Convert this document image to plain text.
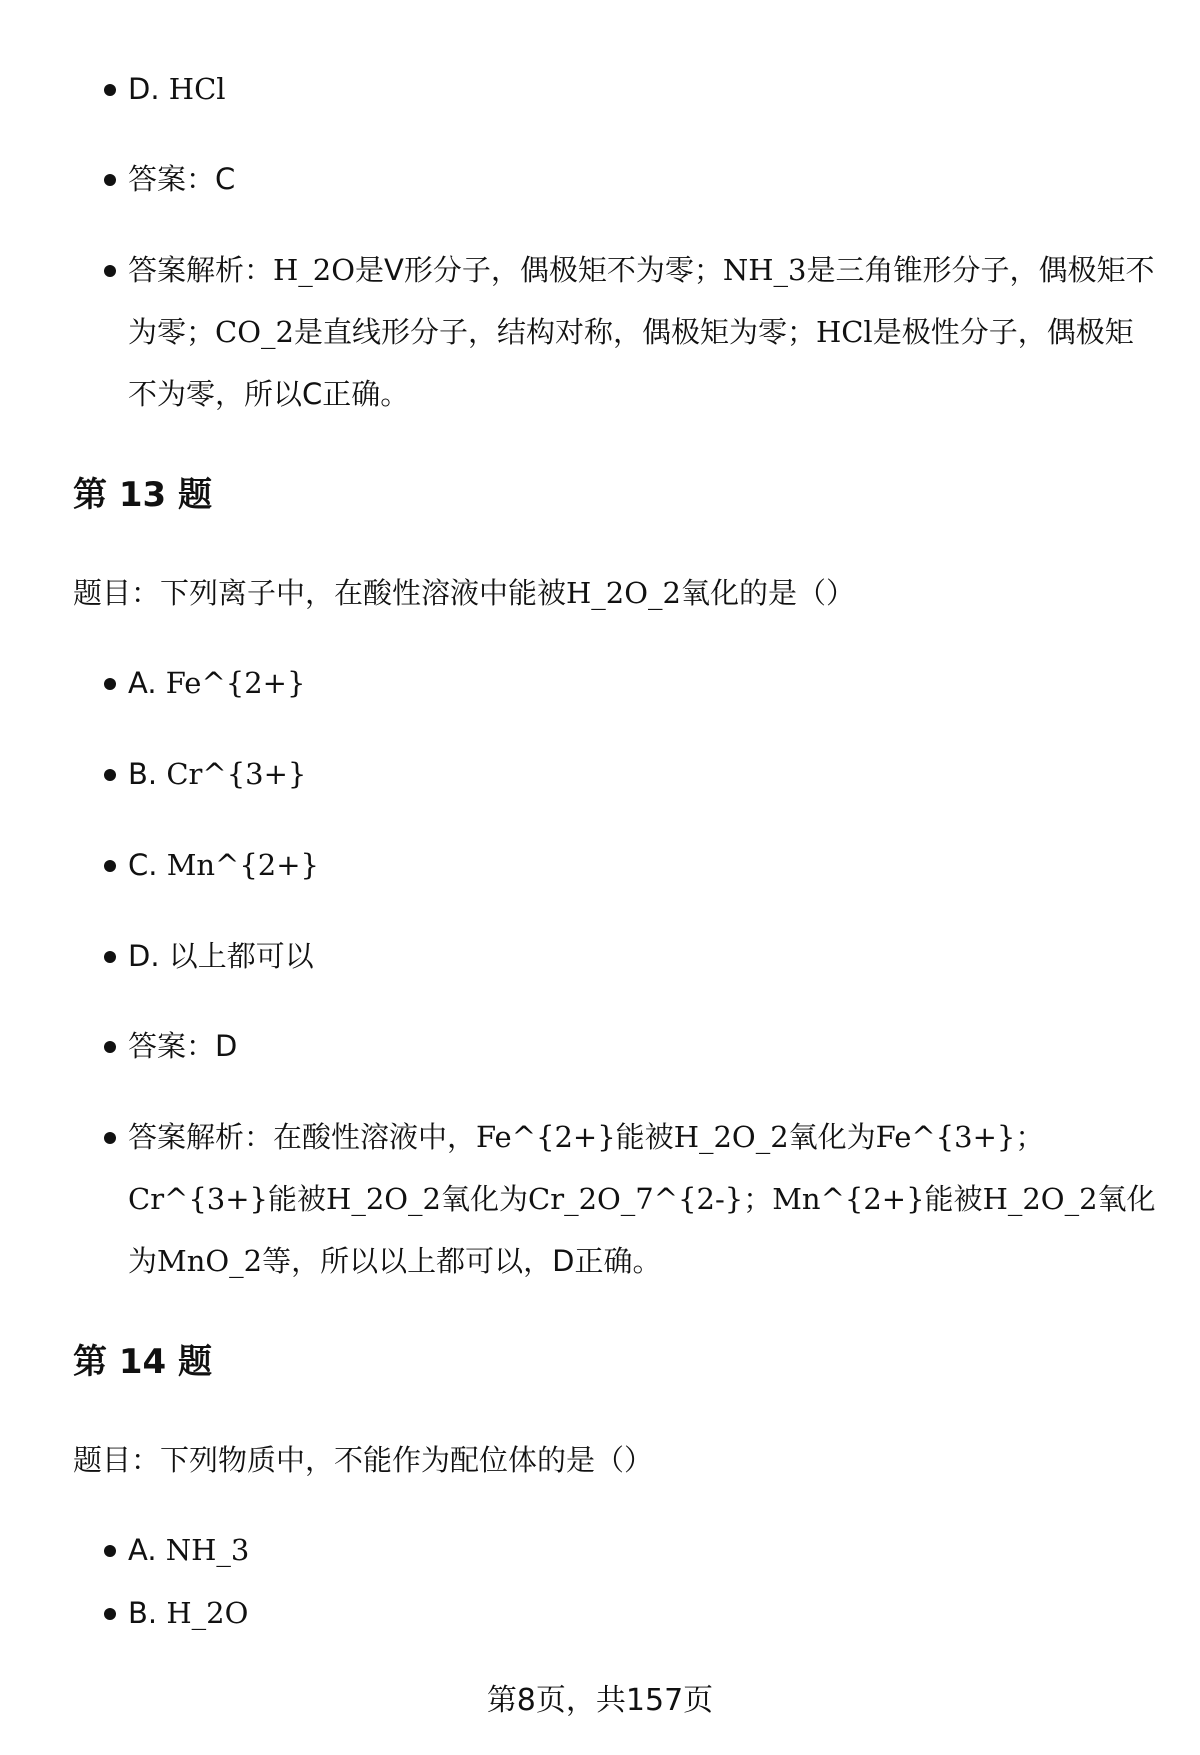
D. HCl
答案：C
答案解析：H_2O是V形分子，偶极矩不为零；NH_3是三角锥形分子，偶极矩不为零；CO_2是直线形分子，结构对称，偶极矩为零；HCl是极性分子，偶极矩不为零，所以C正确。
第 13 题
题目：下列离子中，在酸性溶液中能被H_2O_2氧化的是（）
A. Fe^{2+}
B. Cr^{3+}
C. Mn^{2+}
D. 以上都可以
答案：D
答案解析：在酸性溶液中，Fe^{2+}能被H_2O_2氧化为Fe^{3+}；Cr^{3+}能被H_2O_2氧化为Cr_2O_7^{2-}；Mn^{2+}能被H_2O_2氧化为MnO_2等，所以以上都可以，D正确。
第 14 题
题目：下列物质中，不能作为配位体的是（）
A. NH_3
B. H_2O
第8页，共157页
